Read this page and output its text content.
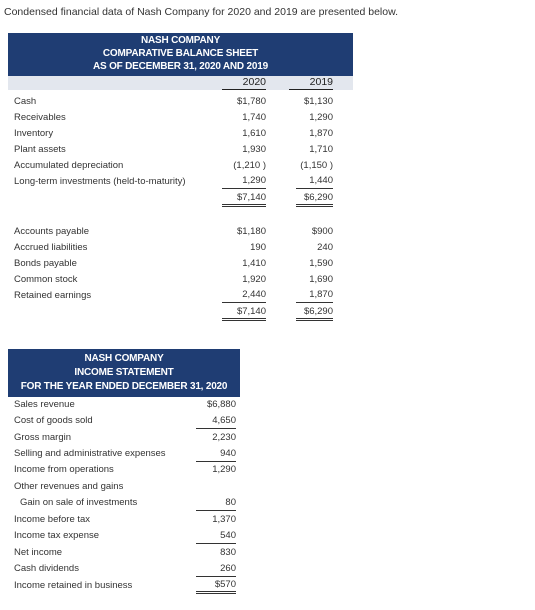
Condensed financial data of Nash Company for 2020 and 2019 are presented below.
NASH COMPANY
COMPARATIVE BALANCE SHEET
AS OF DECEMBER 31, 2020 AND 2019
2020	2019
Cash	$1,780	$1,130
Receivables	1,740	1,290
Inventory	1,610	1,870
Plant assets	1,930	1,710
Accumulated depreciation	(1,210 )	(1,150 )
Long-term investments (held-to-maturity)	1,290	1,440
$7,140	$6,290
Accounts payable	$1,180	$900
Accrued liabilities	190	240
Bonds payable	1,410	1,590
Common stock	1,920	1,690
Retained earnings	2,440	1,870
$7,140	$6,290
NASH COMPANY
INCOME STATEMENT
FOR THE YEAR ENDED DECEMBER 31, 2020
Sales revenue	$6,880
Cost of goods sold	4,650
Gross margin	2,230
Selling and administrative expenses	940
Income from operations	1,290
Other revenues and gains
Gain on sale of investments	80
Income before tax	1,370
Income tax expense	540
Net income	830
Cash dividends	260
Income retained in business	$570
